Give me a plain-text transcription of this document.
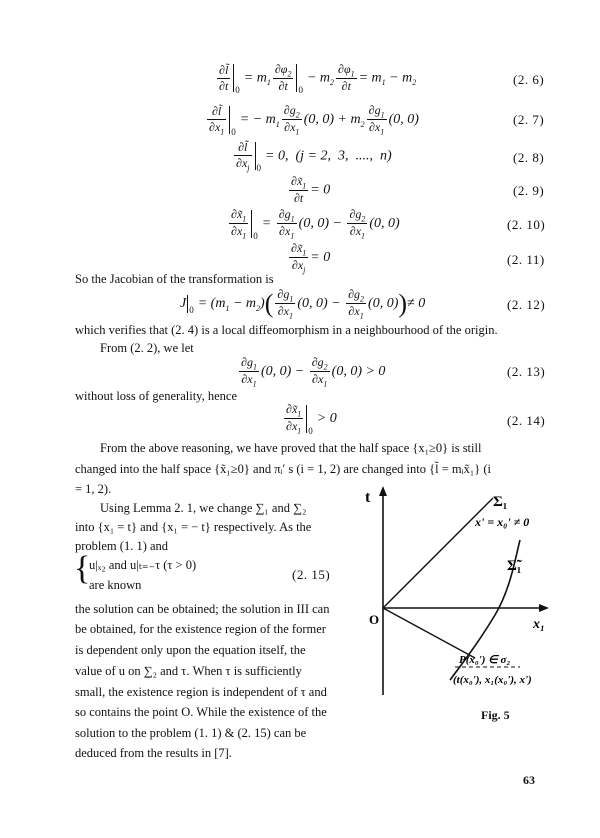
$\frac{\partial l̃}{\partial t} _0= m_1 \frac{\partial\varphi_2}{\partial t} _0- m_2 \frac{\partial\varphi_1}{\partial t} = m_1 - m_2$	(2. 6)
$\frac{\partial l̃}{\partial x_1} _0= - m_1 \frac{\partial g_2}{\partial x_1} (0$, $0) + m_2 \frac{\partial g_1}{\partial x_1} (0$, 0)	(2. 7)
$\frac{\partial l̃}{\partial x_j} _0= 0$,  (j = 2,  3,  ....,  n)	(2. 8)
$\frac{\partial x̃_1}{\partial t} = 0$	(2. 9)
$\frac{\partial x̃_1}{\partial x_1} _0= \frac{\partial g_1}{\partial x_1} (0$, $0) - \frac{\partial g_2}{\partial x_1} (0$, 0)	(2. 10)
$\frac{\partial x̃_1}{\partial x_j} = 0$	(2. 11)
So the Jacobian of the transformation is
J $_0 = (m_1 - m_2)( \frac{\partial g_1}{\partial x_1} (0$, $0) - \frac{\partial g_2}{\partial x_1} (0$, 0))≠ 0	(2. 12)
which verifies that (2. 4) is a local diffeomorphism in a neighbourhood of the origin.
From (2. 2), we let
$\frac{\partial g_1}{\partial x_1} (0$, $0) - \frac{\partial g_2}{\partial x_1} (0$, 0) > 0	(2. 13)
without loss of generality, hence
$\frac{\partial x̃_1}{\partial x_1} _0> 0$	(2. 14)
From the above reasoning, we have proved that the half space {x₁≥0} is still
changed into the half space {x̃₁≥0} and πᵢ′ s (i = 1, 2) are changed into {l̃ = mᵢx̃₁} (i
= 1, 2).
Using Lemma 2. 1, we change ∑₁ and ∑₂
into {x₁ = t} and {x₁ = − t} respectively. As the
problem (1. 1) and
{
u|ₓ₂ and u|ₜ₌₋τ (τ > 0)
are known
(2. 15)
the solution can be obtained; the solution in III can
be obtained, for the existence region of the former
is dependent only upon the equation itself, the
value of u on ∑₂ and τ. When τ is sufficiently
small, the existence region is independent of τ and
so contains the point O. While the existence of the
solution to the problem (1. 1) & (2. 15) can be
deduced from the results in [7].
t
x₁
O
Σ₁
x' = x₀' ≠ 0
Σ̃₁
P(x₀') ∈ σ₂
(t(x₀'), x₁(x₀'), x')
Fig. 5
63
